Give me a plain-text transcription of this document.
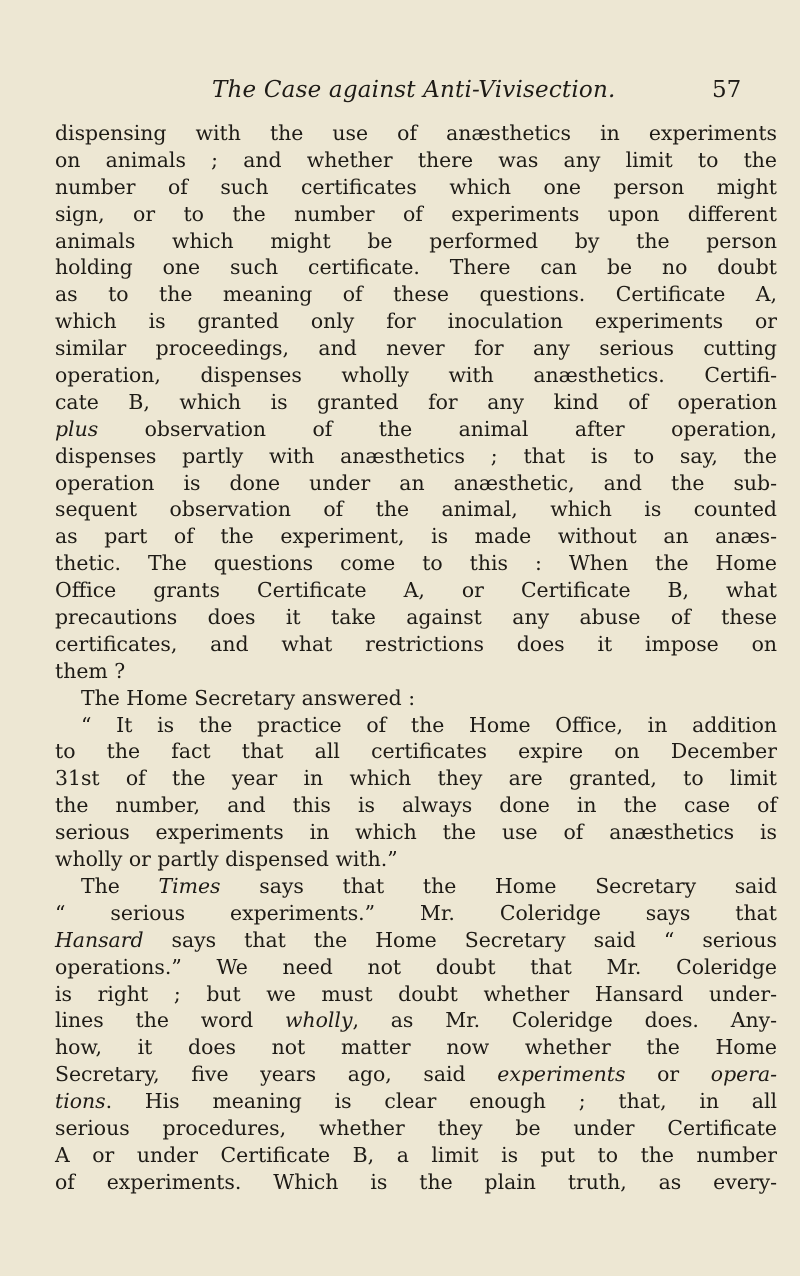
The Case against Anti-Vivisection.	57
dispensing with the use of anæsthetics in experiments
on animals ; and whether there was any limit to the
number of such certificates which one person might
sign, or to the number of experiments upon different
animals which might be performed by the person
holding one such certificate. There can be no doubt
as to the meaning of these questions. Certificate A,
which is granted only for inoculation experiments or
similar proceedings, and never for any serious cutting
operation, dispenses wholly with anæsthetics. Certifi-
cate B, which is granted for any kind of operation
plus observation of the animal after operation,
dispenses partly with anæsthetics ; that is to say, the
operation is done under an anæsthetic, and the sub-
sequent observation of the animal, which is counted
as part of the experiment, is made without an anæs-
thetic. The questions come to this : When the Home
Office grants Certificate A, or Certificate B, what
precautions does it take against any abuse of these
certificates, and what restrictions does it impose on
them ?
The Home Secretary answered :
“ It is the practice of the Home Office, in addition
to the fact that all certificates expire on December
31st of the year in which they are granted, to limit
the number, and this is always done in the case of
serious experiments in which the use of anæsthetics is
wholly or partly dispensed with.”
The Times says that the Home Secretary said
“ serious experiments.” Mr. Coleridge says that
Hansard says that the Home Secretary said “ serious
operations.” We need not doubt that Mr. Coleridge
is right ; but we must doubt whether Hansard under-
lines the word wholly, as Mr. Coleridge does. Any-
how, it does not matter now whether the Home
Secretary, five years ago, said experiments or opera-
tions. His meaning is clear enough ; that, in all
serious procedures, whether they be under Certificate
A or under Certificate B, a limit is put to the number
of experiments. Which is the plain truth, as every-
